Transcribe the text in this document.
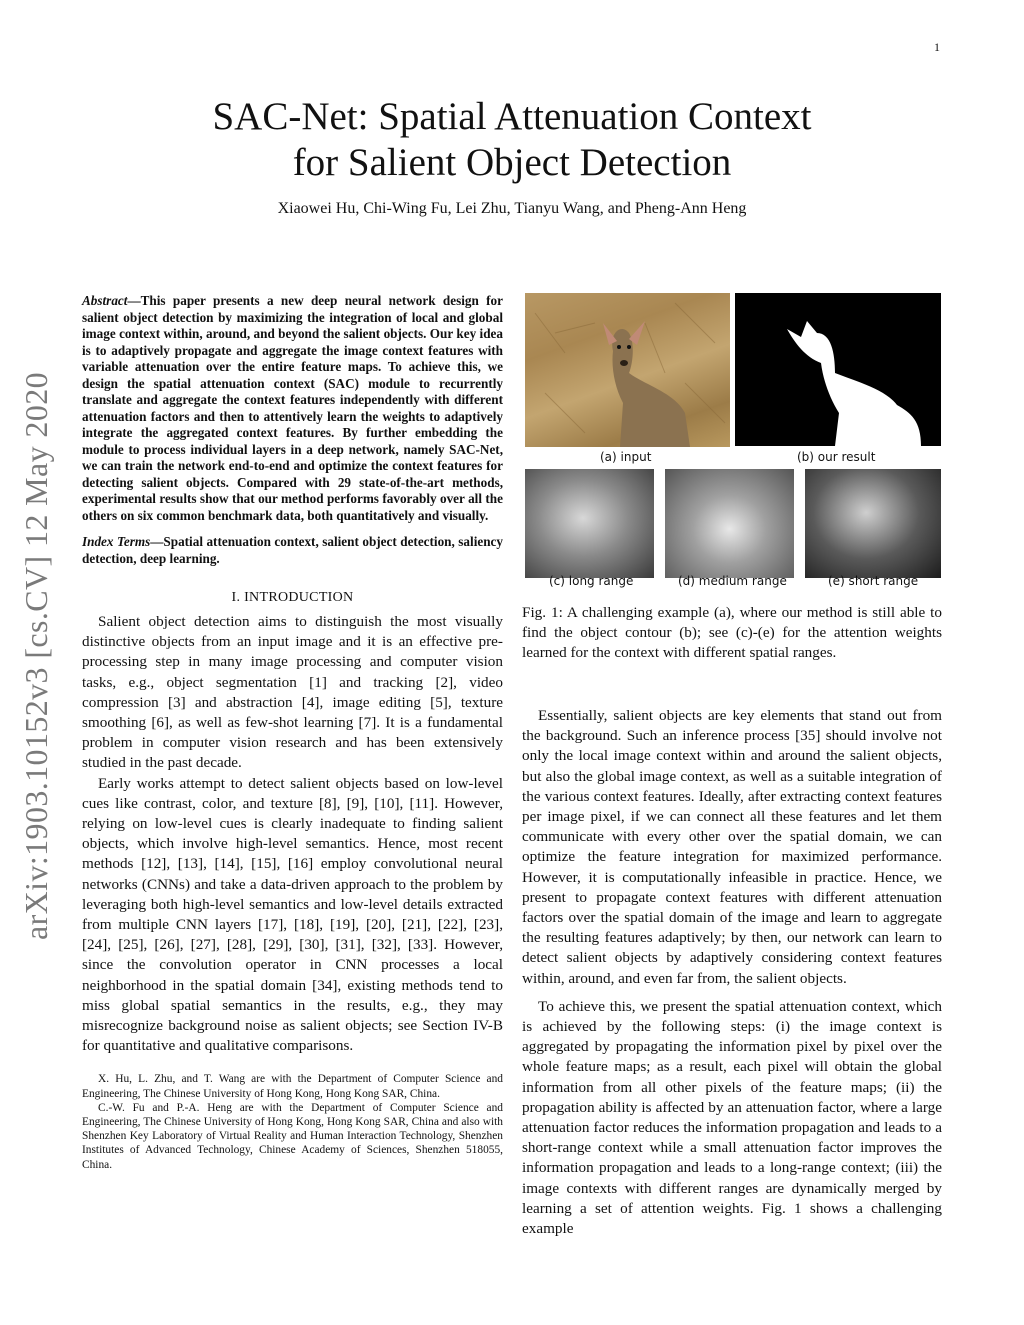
1
arXiv:1903.10152v3 [cs.CV] 12 May 2020
SAC-Net: Spatial Attenuation Context
for Salient Object Detection
Xiaowei Hu, Chi-Wing Fu, Lei Zhu, Tianyu Wang, and Pheng-Ann Heng

Abstract—This paper presents a new deep neural network design for salient object detection by maximizing the integration of local and global image context within, around, and beyond the salient objects. Our key idea is to adaptively propagate and aggregate the image context features with variable attenuation over the entire feature maps. To achieve this, we design the spatial attenuation context (SAC) module to recurrently translate and aggregate the context features independently with different attenuation factors and then to attentively learn the weights to adaptively integrate the aggregated context features. By further embedding the module to process individual layers in a deep network, namely SAC-Net, we can train the network end-to-end and optimize the context features for detecting salient objects. Compared with 29 state-of-the-art methods, experimental results show that our method performs favorably over all the others on six common benchmark data, both quantitatively and visually.

Index Terms—Spatial attenuation context, salient object detection, saliency detection, deep learning.

I. INTRODUCTION

Salient object detection aims to distinguish the most visually distinctive objects from an input image and it is an effective pre-processing step in many image processing and computer vision tasks, e.g., object segmentation [1] and tracking [2], video compression [3] and abstraction [4], image editing [5], texture smoothing [6], as well as few-shot learning [7]. It is a fundamental problem in computer vision research and has been extensively studied in the past decade.

Early works attempt to detect salient objects based on low-level cues like contrast, color, and texture [8], [9], [10], [11]. However, relying on low-level cues is clearly inadequate to finding salient objects, which involve high-level semantics. Hence, most recent methods [12], [13], [14], [15], [16] employ convolutional neural networks (CNNs) and take a data-driven approach to the problem by leveraging both high-level semantics and low-level details extracted from multiple CNN layers [17], [18], [19], [20], [21], [22], [23], [24], [25], [26], [27], [28], [29], [30], [31], [32], [33]. However, since the convolution operator in CNN processes a local neighborhood in the spatial domain [34], existing methods tend to miss global spatial semantics in the results, e.g., they may misrecognize background noise as salient objects; see Section IV-B for quantitative and qualitative comparisons.

X. Hu, L. Zhu, and T. Wang are with the Department of Computer Science and Engineering, The Chinese University of Hong Kong, Hong Kong SAR, China.

C.-W. Fu and P.-A. Heng are with the Department of Computer Science and Engineering, The Chinese University of Hong Kong, Hong Kong SAR, China and also with Shenzhen Key Laboratory of Virtual Reality and Human Interaction Technology, Shenzhen Institutes of Advanced Technology, Chinese Academy of Sciences, Shenzhen 518055, China.

(a) input	(b) our result
(c) long range	(d) medium range	(e) short range

Fig. 1: A challenging example (a), where our method is still able to find the object contour (b); see (c)-(e) for the attention weights learned for the context with different spatial ranges.

Essentially, salient objects are key elements that stand out from the background. Such an inference process [35] should involve not only the local image context within and around the salient objects, but also the global image context, as well as a suitable integration of the various context features. Ideally, after extracting context features per image pixel, if we can connect all these features and let them communicate with every other over the spatial domain, we can optimize the feature integration for maximized performance. However, it is computationally infeasible in practice. Hence, we present to propagate context features with different attenuation factors over the spatial domain of the image and learn to aggregate the resulting features adaptively; by then, our network can learn to detect salient objects by adaptively considering context features within, around, and even far from, the salient objects.

To achieve this, we present the spatial attenuation context, which is achieved by the following steps: (i) the image context is aggregated by propagating the information pixel by pixel over the whole feature maps; as a result, each pixel will obtain the global information from all other pixels of the feature maps; (ii) the propagation ability is affected by an attenuation factor, where a large attenuation factor reduces the information propagation and leads to a short-range context while a small attenuation factor improves the information propagation and leads to a long-range context; (iii) the image contexts with different ranges are dynamically merged by learning a set of attention weights. Fig. 1 shows a challenging example
